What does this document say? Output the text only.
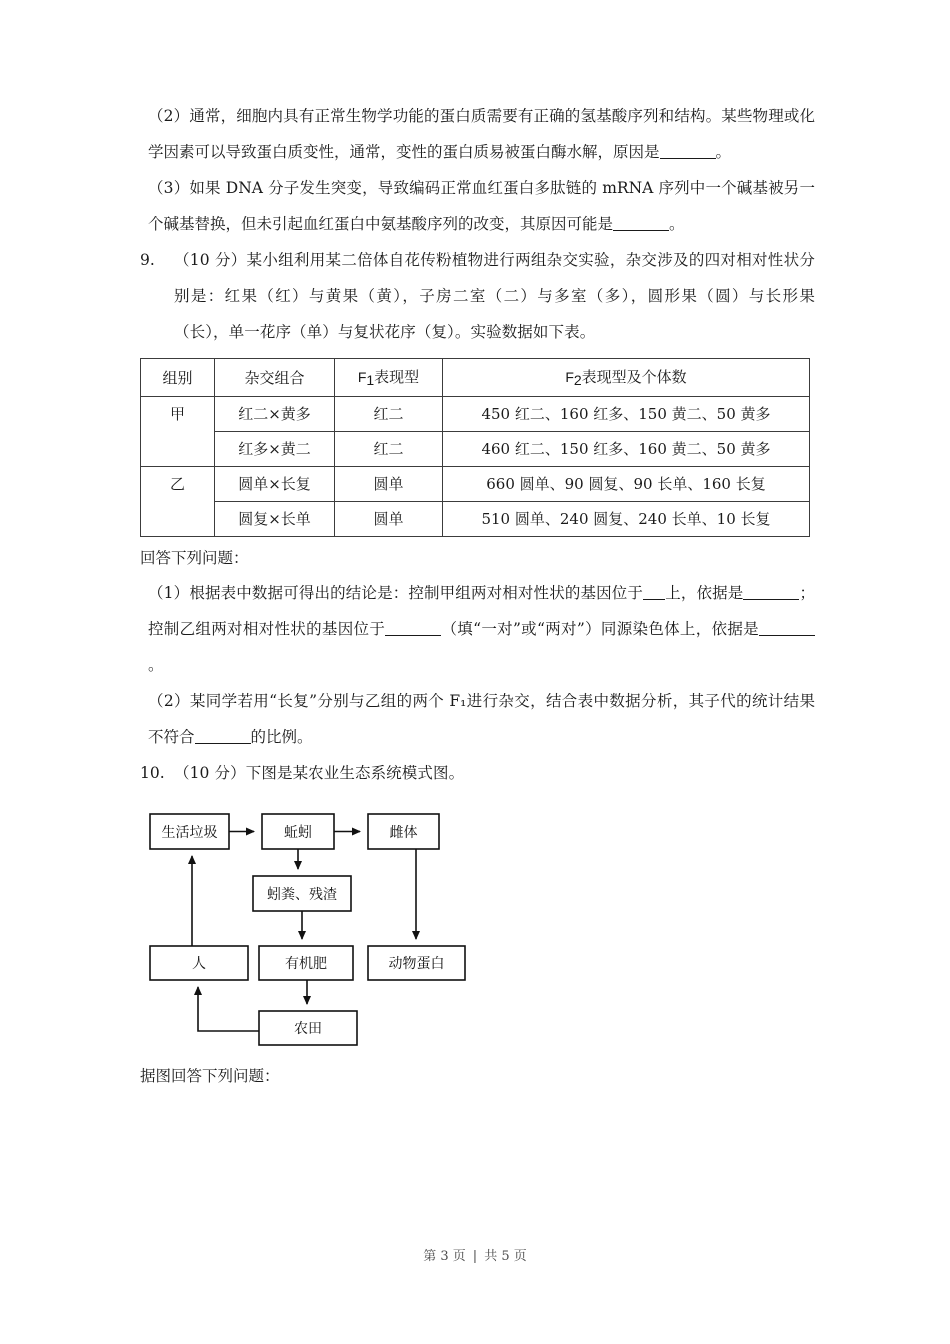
（2）通常，细胞内具有正常生物学功能的蛋白质需要有正确的氢基酸序列和结构。某些物理或化学因素可以导致蛋白质变性，通常，变性的蛋白质易被蛋白酶水解，原因是	。
（3）如果 DNA 分子发生突变，导致编码正常血红蛋白多肽链的 mRNA 序列中一个碱基被另一个碱基替换，但未引起血红蛋白中氨基酸序列的改变，其原因可能是	。
9.	（10 分）某小组利用某二倍体自花传粉植物进行两组杂交实验，杂交涉及的四对相对性状分别是：红果（红）与黄果（黄），子房二室（二）与多室（多），圆形果（圆）与长形果（长），单一花序（单）与复状花序（复）。实验数据如下表。
组别	杂交组合	$F_1$表现型	$F_2$表现型及个体数
甲	红二×黄多	红二	450 红二、160 红多、150 黄二、50 黄多
	红多×黄二	红二	460 红二、150 红多、160 黄二、50 黄多
乙	圆单×长复	圆单	660 圆单、90 圆复、90 长单、160 长复
	圆复×长单	圆单	510 圆单、240 圆复、240 长单、10 长复
回答下列问题：
（1）根据表中数据可得出的结论是：控制甲组两对相对性状的基因位于 上，依据是	；控制乙组两对相对性状的基因位于	（填“一对”或“两对”）同源染色体上，依据是。
（2）某同学若用“长复”分别与乙组的两个 F₁进行杂交，结合表中数据分析，其子代的统计结果不符合	的比例。
10. （10 分）下图是某农业生态系统模式图。
生活垃圾	蚯蚓	雌体
蚓粪、残渣
人	有机肥	动物蛋白
农田
据图回答下列问题：
第 3 页 | 共 5 页
